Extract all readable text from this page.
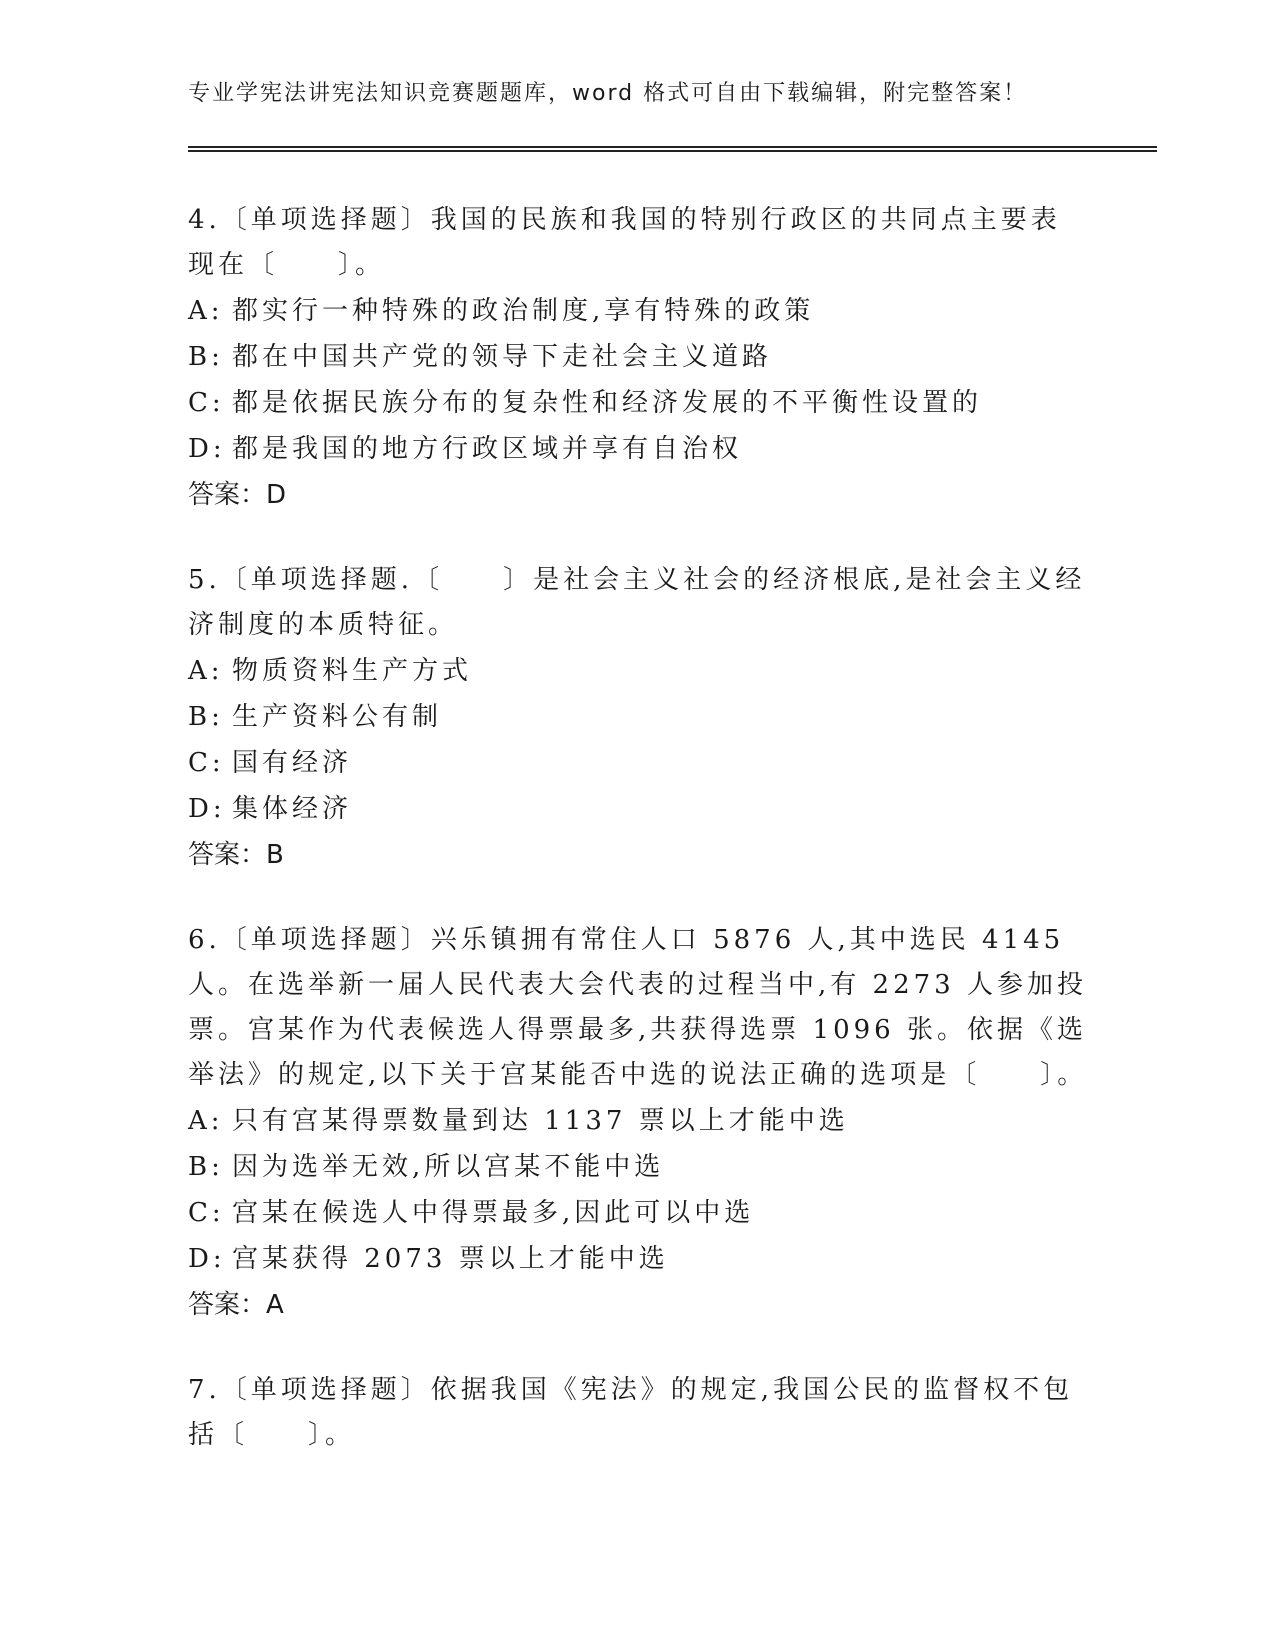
专业学宪法讲宪法知识竞赛题题库，word 格式可自由下载编辑，附完整答案！

4.〔单项选择题〕我国的民族和我国的特别行政区的共同点主要表现在〔　　〕。

A: 都实行一种特殊的政治制度,享有特殊的政策

B: 都在中国共产党的领导下走社会主义道路

C: 都是依据民族分布的复杂性和经济发展的不平衡性设置的

D: 都是我国的地方行政区域并享有自治权

答案：D

5.〔单项选择题.〔　　〕是社会主义社会的经济根底,是社会主义经济制度的本质特征。

A: 物质资料生产方式

B: 生产资料公有制

C: 国有经济

D: 集体经济

答案：B

6.〔单项选择题〕兴乐镇拥有常住人口 5876 人,其中选民 4145 人。在选举新一届人民代表大会代表的过程当中,有 2273 人参加投票。宫某作为代表候选人得票最多,共获得选票 1096 张。依据《选举法》的规定,以下关于宫某能否中选的说法正确的选项是〔　　〕。

A: 只有宫某得票数量到达 1137 票以上才能中选

B: 因为选举无效,所以宫某不能中选

C: 宫某在候选人中得票最多,因此可以中选

D: 宫某获得 2073 票以上才能中选

答案：A

7.〔单项选择题〕依据我国《宪法》的规定,我国公民的监督权不包括〔　　〕。
